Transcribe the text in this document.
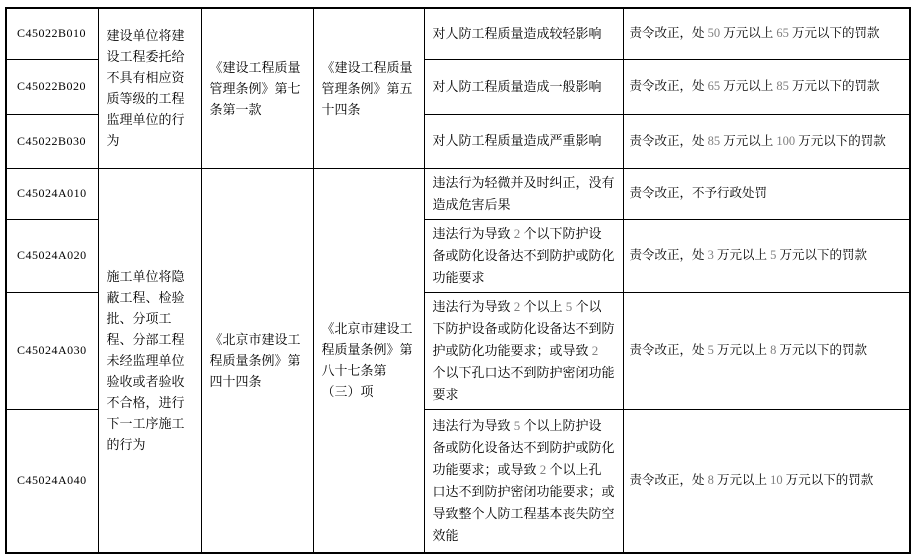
C45022B010	建设单位将建设工程委托给不具有相应资质等级的工程监理单位的行为	《建设工程质量管理条例》第七条第一款	《建设工程质量管理条例》第五十四条	对人防工程质量造成较轻影响	责令改正，处 50 万元以上 65 万元以下的罚款
C45022B020				对人防工程质量造成一般影响	责令改正，处 65 万元以上 85 万元以下的罚款
C45022B030				对人防工程质量造成严重影响	责令改正，处 85 万元以上 100 万元以下的罚款
C45024A010	施工单位将隐蔽工程、检验批、分项工程、分部工程未经监理单位验收或者验收不合格，进行下一工序施工的行为	《北京市建设工程质量条例》第四十四条	《北京市建设工程质量条例》第八十七条第（三）项	违法行为轻微并及时纠正，没有造成危害后果	责令改正，不予行政处罚
C45024A020				违法行为导致 2 个以下防护设备或防化设备达不到防护或防化功能要求	责令改正，处 3 万元以上 5 万元以下的罚款
C45024A030				违法行为导致 2 个以上 5 个以下防护设备或防化设备达不到防护或防化功能要求；或导致 2 个以下孔口达不到防护密闭功能要求	责令改正，处 5 万元以上 8 万元以下的罚款
C45024A040				违法行为导致 5 个以上防护设备或防化设备达不到防护或防化功能要求；或导致 2 个以上孔口达不到防护密闭功能要求；或导致整个人防工程基本丧失防空效能	责令改正，处 8 万元以上 10 万元以下的罚款
